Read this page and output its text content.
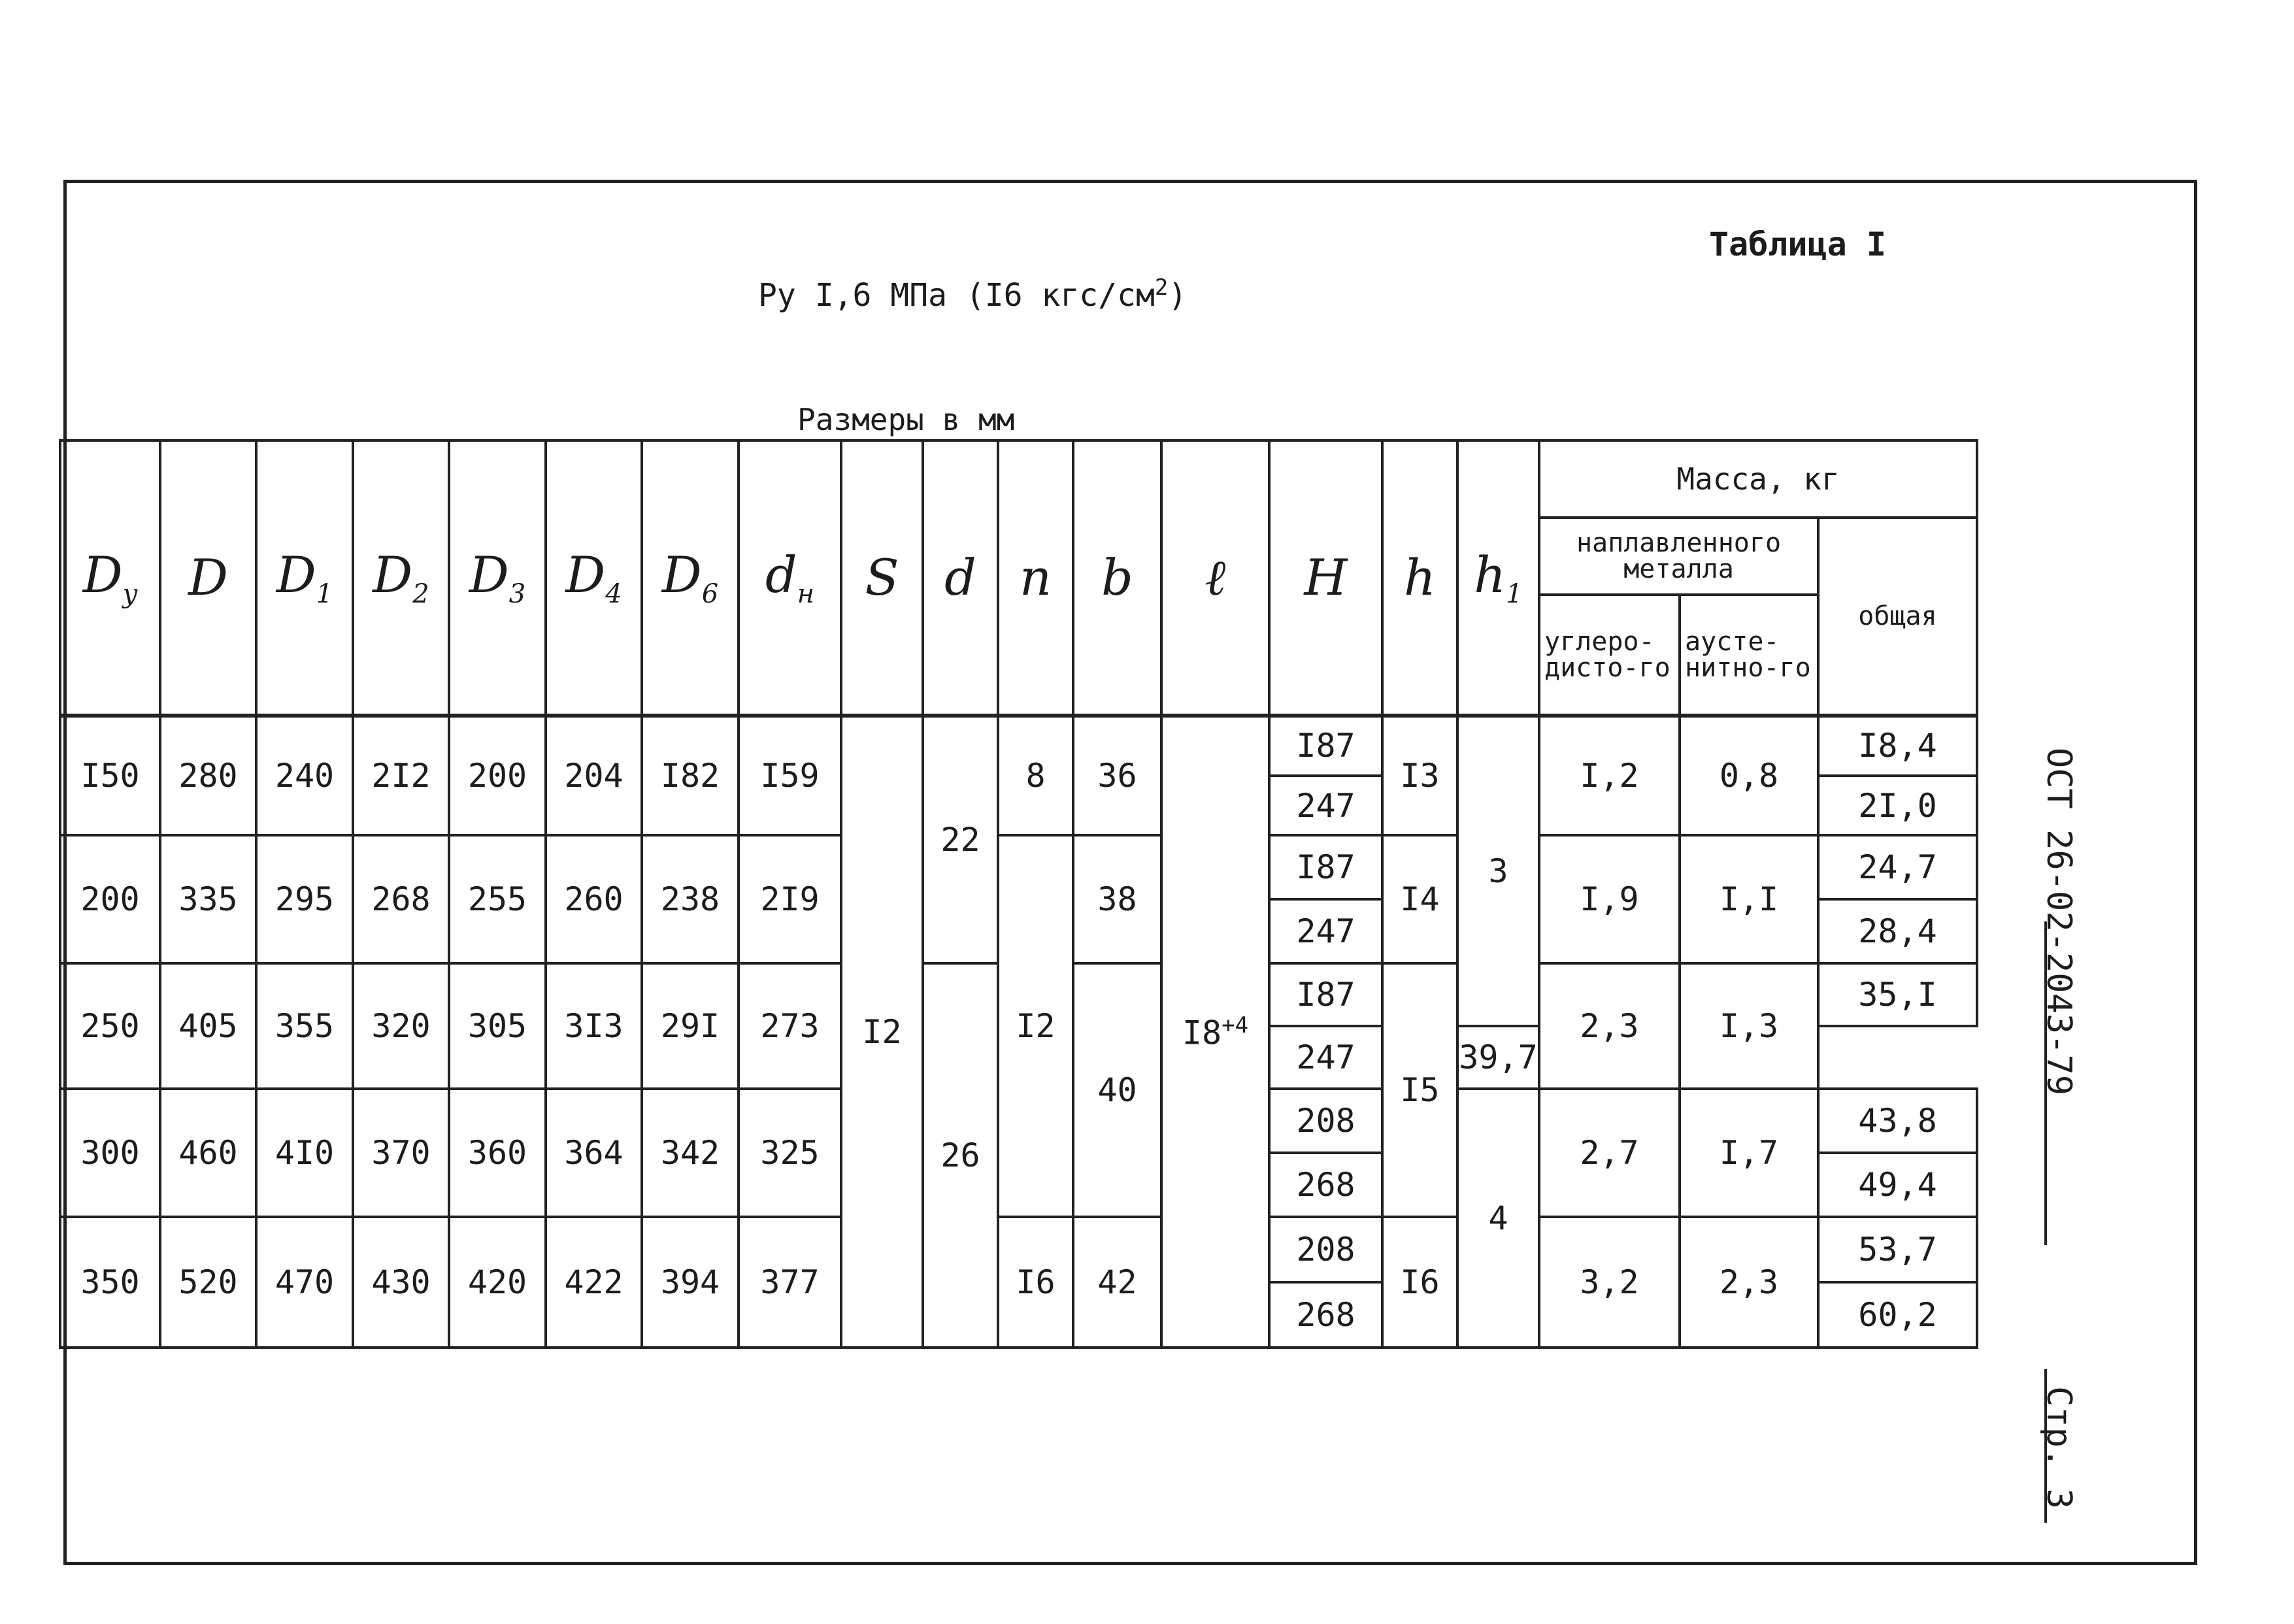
Таблица I
Ру I,6 МПа (I6 кгс/$см^2$)
Размеры в мм
$D_y$	D	$D_1$	$D_2$	$D_3$	$D_4$	$D_6$	$d_н$	S	d	n	b	ℓ	H	h	$h_1$	Масса, кг		
																наплавленного металла		общая
																углеро-дисто-го	аусте-нитно-го	
I50	280	240	2I2	200	204	I82	I59	I2	22	8	36	$I8^{+4}$	I87	I3	3	I,2	0,8	I8,4
													247					2I,0
200	335	295	268	255	260	238	2I9			I2	38		I87	I4		I,9	I,I	24,7
													247					28,4
250	405	355	320	305	3I3	29I	273		26		40		I87	I5		2,3	I,3	35,I
													247		39,7			
300	460	4I0	370	360	364	342	325						208		4	2,7	I,7	43,8
													268					49,4
350	520	470	430	420	422	394	377			I6	42		208	I6		3,2	2,3	53,7
													268					60,2
ОСТ 26-02-2043-79
Стр. 3
